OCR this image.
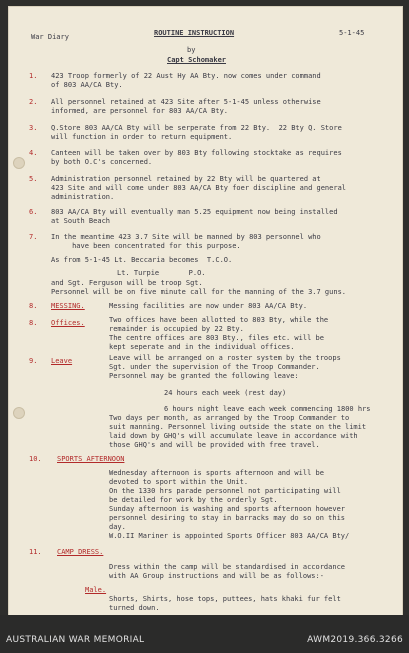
War Diary	ROUTINE INSTRUCTION	5-1-45
by
Capt Schomaker
1. 423 Troop formerly of 22 Aust Hy AA Bty. now comes under command
of 803 AA/CA Bty.
2. All personnel retained at 423 Site after 5-1-45 unless otherwise
informed, are personnel for 803 AA/CA Bty.
3. Q.Store 803 AA/CA Bty will be serperate from 22 Bty.  22 Bty Q. Store
will function in order to return equipment.
4. Canteen will be taken over by 803 Bty following stocktake as requires
by both O.C's concerned.
5. Administration personnel retained by 22 Bty will be quartered at
423 Site and will come under 803 AA/CA Bty foer discipline and general
administration.
6. 803 AA/CA Bty will eventually man 5.25 equipment now being installed
at South Beach
7. In the meantime 423 3.7 Site will be manned by 803 personnel who
have been concentrated for this purpose.
As from 5-1-45 Lt. Beccaria becomes  T.C.O.
Lt. Turpie       P.O.
and Sgt. Ferguson will be troop Sgt.
Personnel will be on five minute call for the manning of the 3.7 guns.
8. MESSING.	Messing facilities are now under 803 AA/CA Bty.
8. Offices.	Two offices have been allotted to 803 Bty, while the
remainder is occupied by 22 Bty.
The centre offices are 803 Bty., files etc. will be
kept seperate and in the individual offices.
9. Leave	Leave will be arranged on a roster system by the troops
Sgt. under the supervision of the Troop Commander.
Personnel may be granted the following leave:
24 hours each week (rest day)
6 hours night leave each week commencing 1800 hrs
Two days per month, as arranged by the Troop Commander to
suit manning. Personnel living outside the state on the limit
laid down by GHQ's will accumulate leave in accordance with
those GHQ's and will be provided with free travel.
10. SPORTS AFTERNOON
Wednesday afternoon is sports afternoon and will be
devoted to sport within the Unit.
On the 1330 hrs parade personnel not participating will
be detailed for work by the orderly Sgt.
Sunday afternoon is washing and sports afternoon however
personnel desiring to stay in barracks may do so on this
day.
W.O.II Mariner is appointed Sports Officer 803 AA/CA Bty/
11. CAMP DRESS.
Dress within the camp will be standardised in accordance
with AA Group instructions and will be as follows:-
Male.
Shorts, Shirts, hose tops, puttees, hats khaki fur felt
turned down.
AUSTRALIAN WAR MEMORIAL	AWM2019.366.3266
